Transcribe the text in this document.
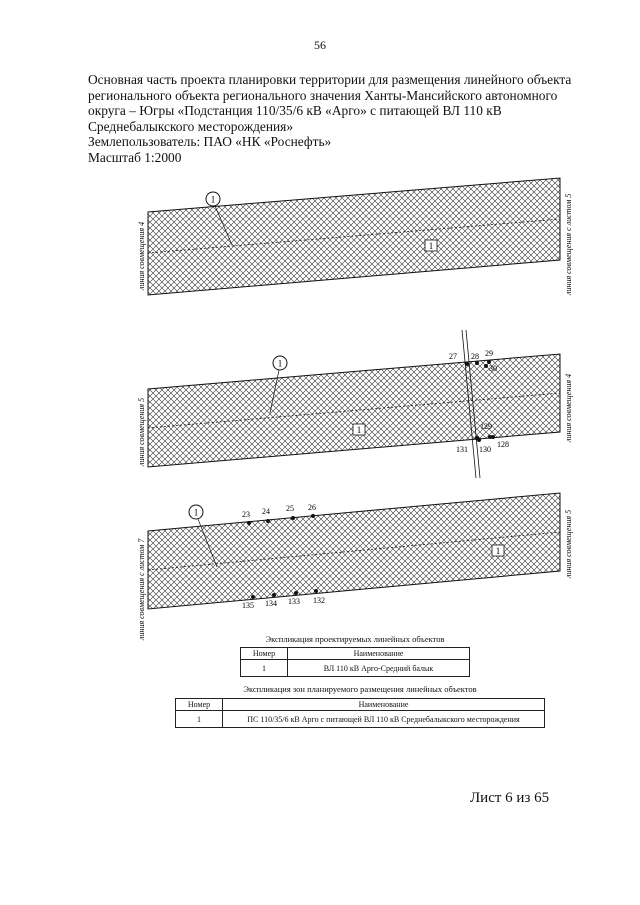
56
Основная часть проекта планировки территории для размещения линейного объекта
регионального объекта регионального значения Ханты-Мансийского автономного
округа – Югры «Подстанция 110/35/6 кВ «Арго» с питающей ВЛ 110 кВ
Среднебалыкского месторождения»
Землепользователь: ПАО «НК «Роснефть»
Масштаб 1:2000
1
1
линия совмещения 4	линия совмещения с листом 5
1
1
27 28 29
30
129
128
131 130
линия совмещения 5	линия совмещения 4
1
1
23 24 25 26
135 134 133 132
линия совмещения с листом 7	линия совмещения 5
Экспликация проектируемых линейных объектов
Номер	Наименование
1	ВЛ 110 кВ Арго-Средний балык
Экспликация зон планируемого размещения линейных объектов
Номер	Наименование
1	ПС 110/35/6 кВ Арго с питающей ВЛ 110 кВ Среднебалыкского месторождения
Лист 6 из 65
